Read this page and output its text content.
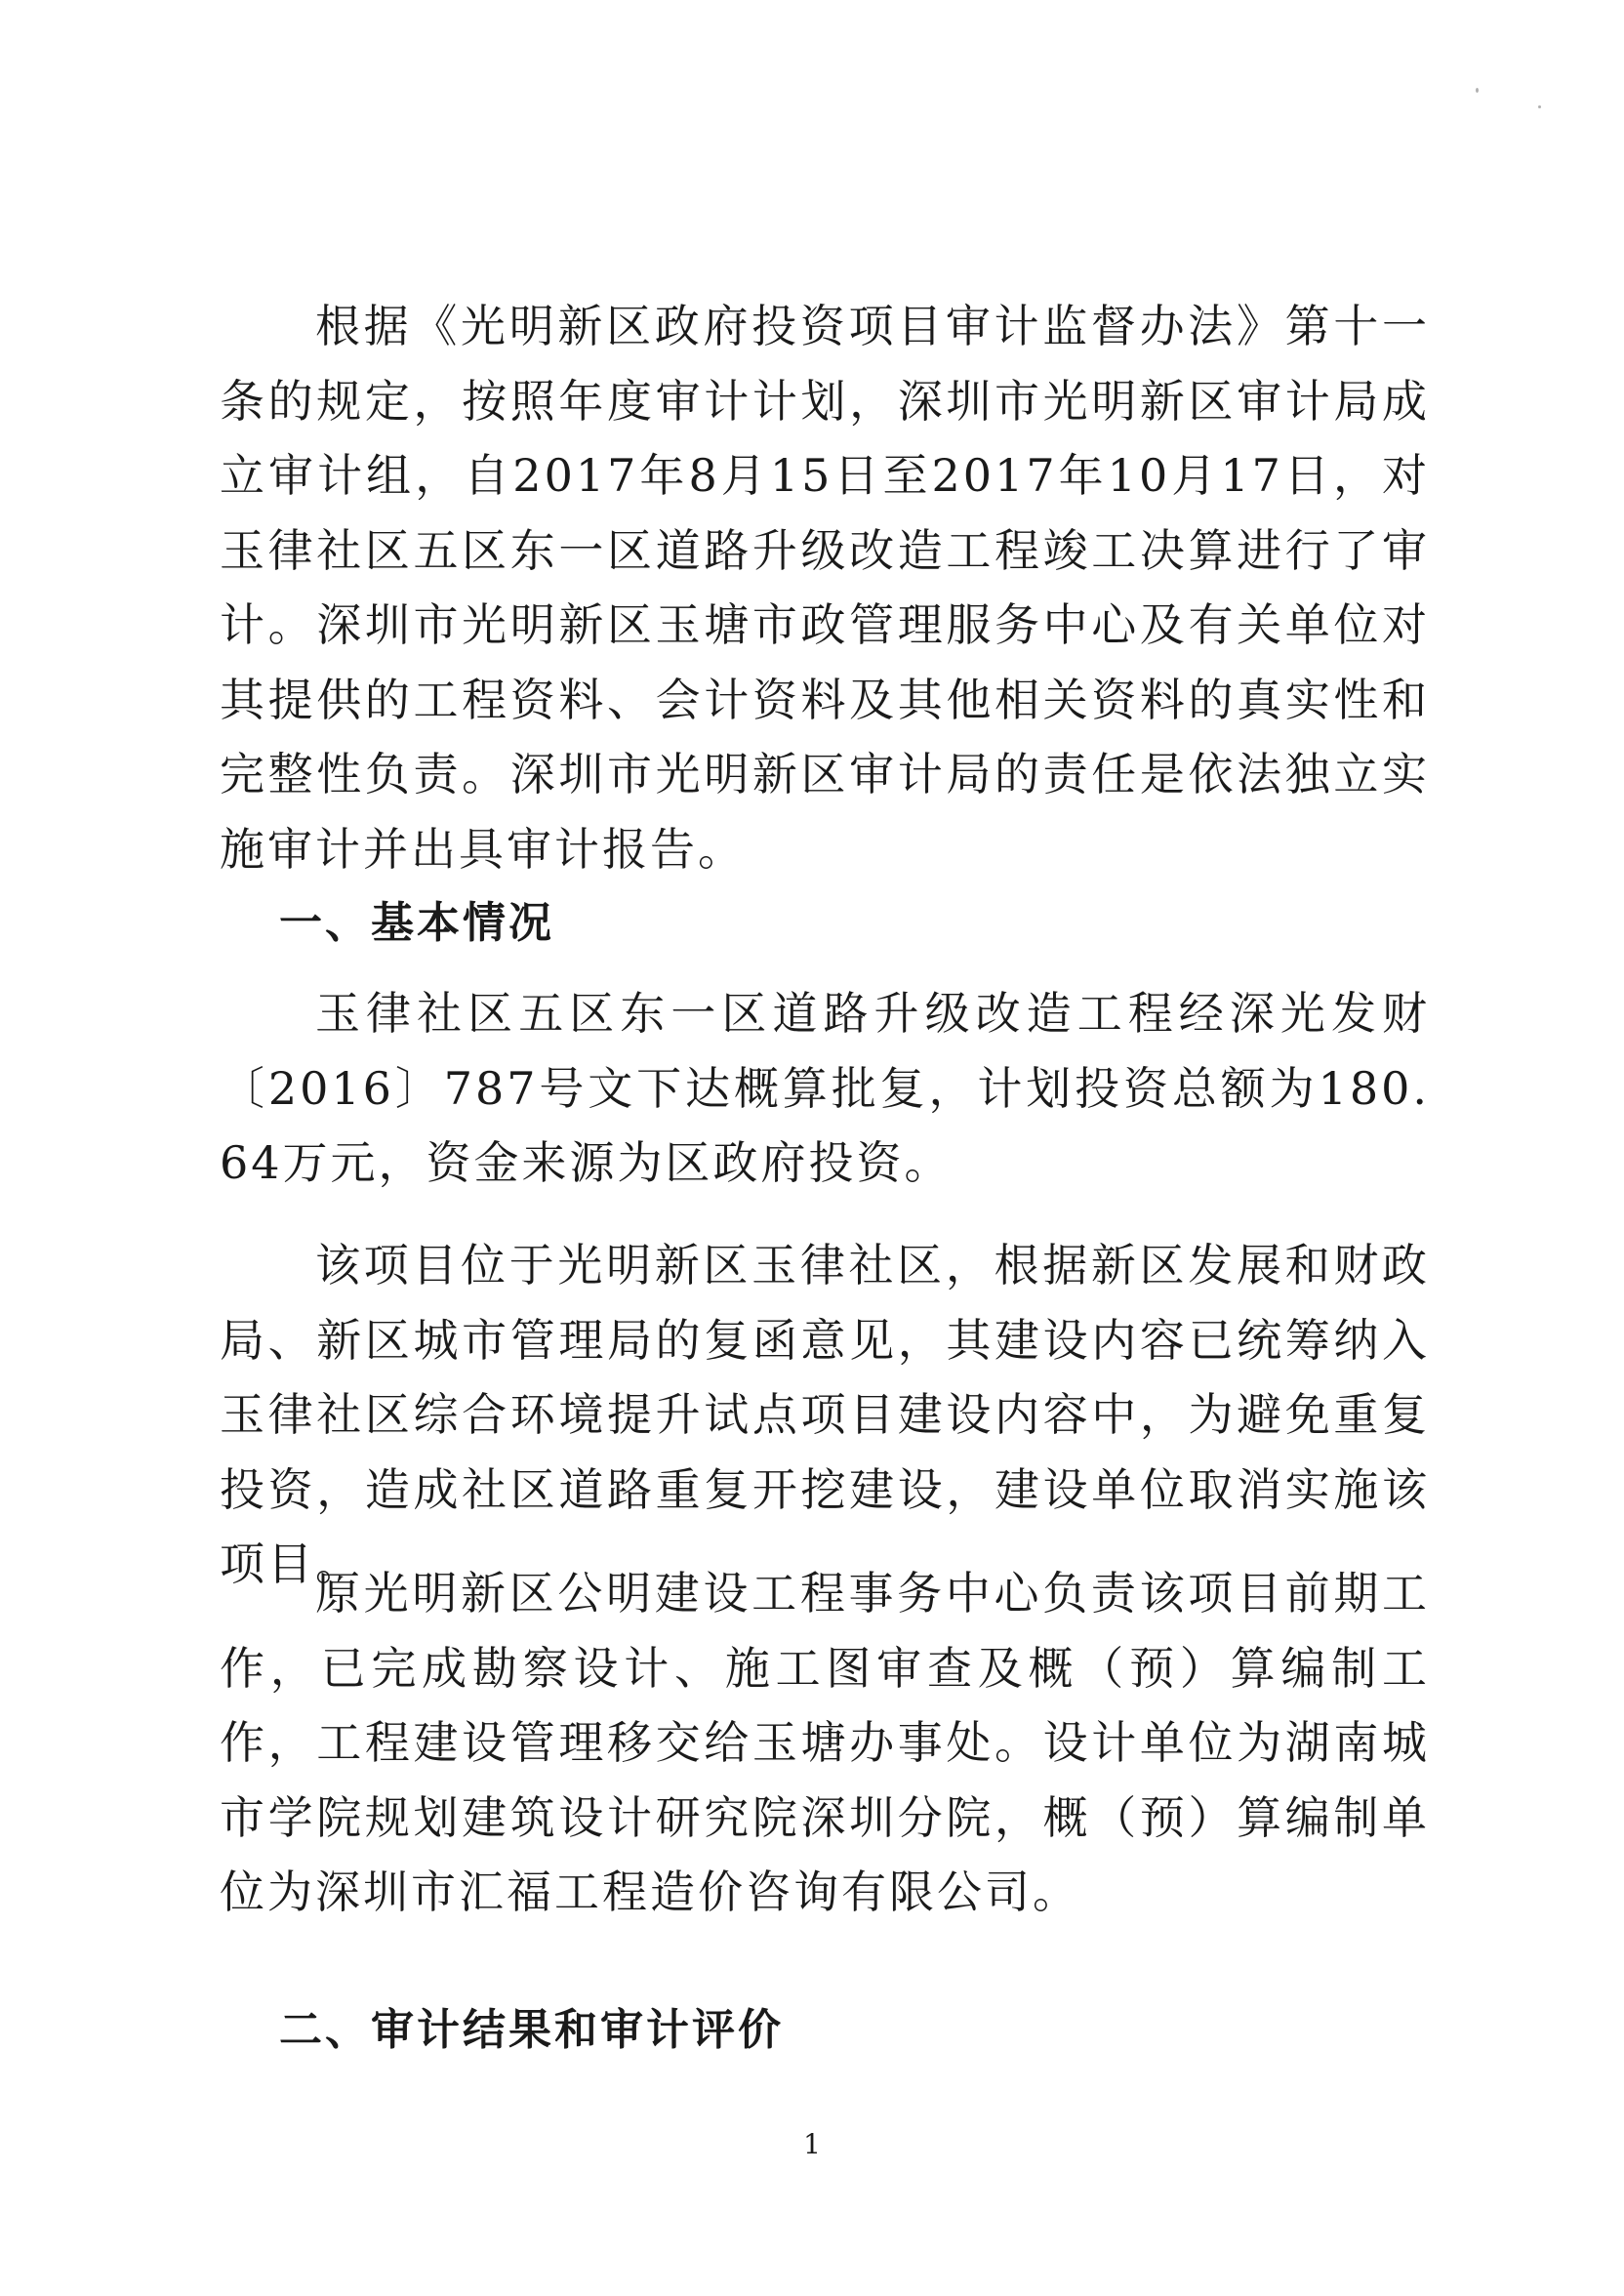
根据《光明新区政府投资项目审计监督办法》第十一条的规定，按照年度审计计划，深圳市光明新区审计局成立审计组，自2017年8月15日至2017年10月17日，对玉律社区五区东一区道路升级改造工程竣工决算进行了审计。深圳市光明新区玉塘市政管理服务中心及有关单位对其提供的工程资料、会计资料及其他相关资料的真实性和完整性负责。深圳市光明新区审计局的责任是依法独立实施审计并出具审计报告。

一、基本情况

玉律社区五区东一区道路升级改造工程经深光发财〔2016〕787号文下达概算批复，计划投资总额为180.64万元，资金来源为区政府投资。

该项目位于光明新区玉律社区，根据新区发展和财政局、新区城市管理局的复函意见，其建设内容已统筹纳入玉律社区综合环境提升试点项目建设内容中，为避免重复投资，造成社区道路重复开挖建设，建设单位取消实施该项目。

原光明新区公明建设工程事务中心负责该项目前期工作，已完成勘察设计、施工图审查及概（预）算编制工作，工程建设管理移交给玉塘办事处。设计单位为湖南城市学院规划建筑设计研究院深圳分院，概（预）算编制单位为深圳市汇福工程造价咨询有限公司。

二、审计结果和审计评价
1
